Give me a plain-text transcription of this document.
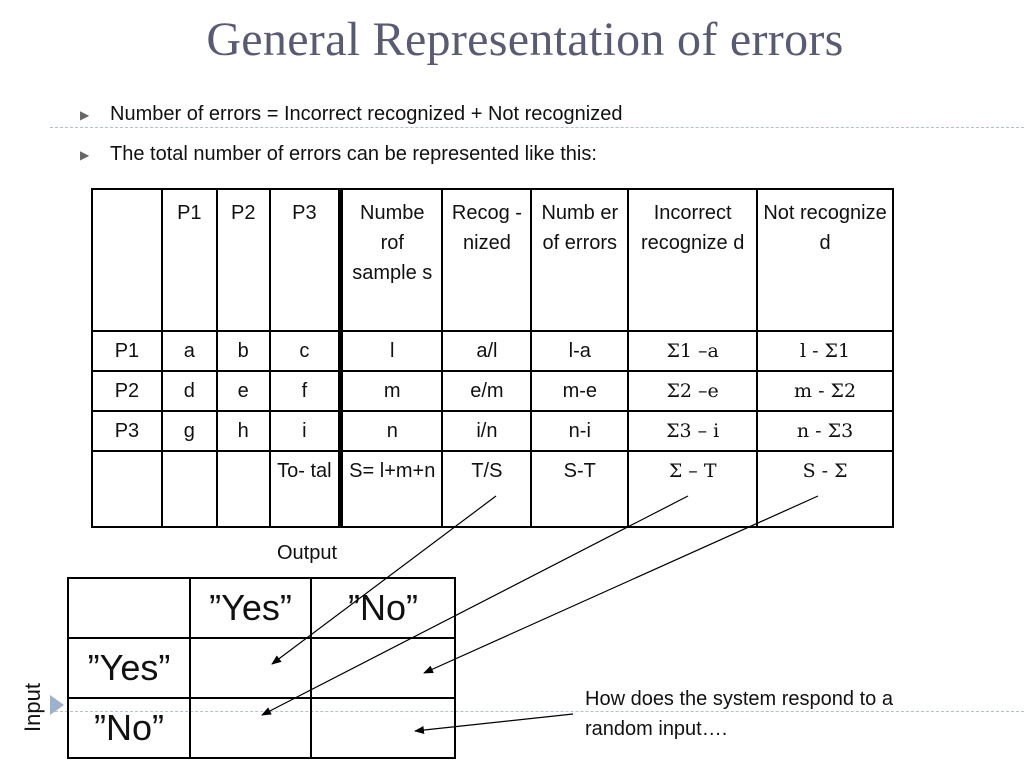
General Representation of errors
▶ Number of errors = Incorrect recognized + Not recognized
▶ The total number of errors can be represented like this:
	P1	P2	P3	Numbe rof sample s	Recog -nized	Numb er of errors	Incorrect recognize d	Not recognize d
P1	a	b	c	l	a/l	l-a	Σ1 –a	l - Σ1
P2	d	e	f	m	e/m	m-e	Σ2 –e	m - Σ2
P3	g	h	i	n	i/n	n-i	Σ3 – i	n - Σ3
			To- tal	S= l+m+n	T/S	S-T	Σ – T	S - Σ
Output
Input
	”Yes”	”No”
”Yes”		
”No”		
How does the system respond to a random input….
